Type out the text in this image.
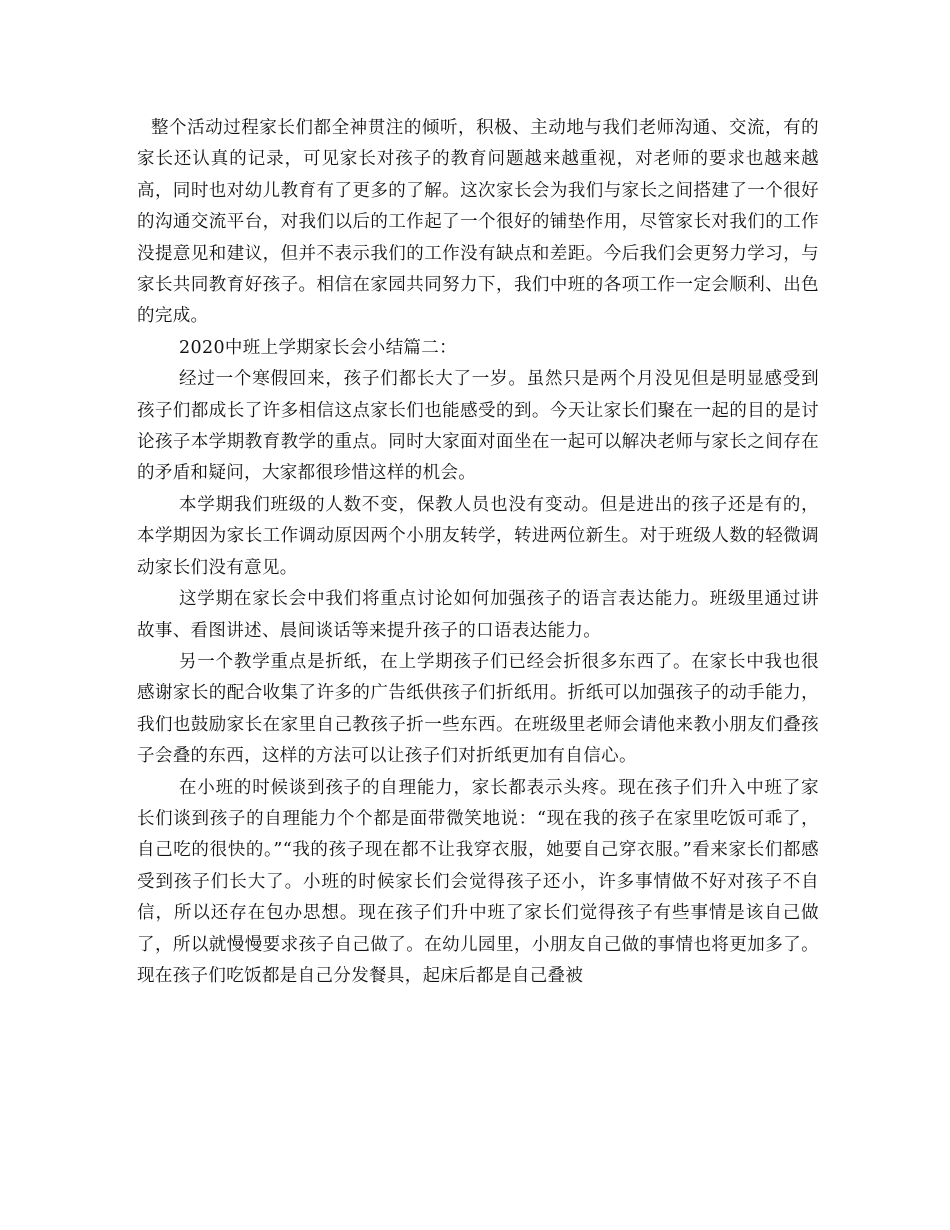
整个活动过程家长们都全神贯注的倾听，积极、主动地与我们老师沟通、交流，有的家长还认真的记录，可见家长对孩子的教育问题越来越重视，对老师的要求也越来越高，同时也对幼儿教育有了更多的了解。这次家长会为我们与家长之间搭建了一个很好的沟通交流平台，对我们以后的工作起了一个很好的铺垫作用，尽管家长对我们的工作没提意见和建议，但并不表示我们的工作没有缺点和差距。今后我们会更努力学习，与家长共同教育好孩子。相信在家园共同努力下，我们中班的各项工作一定会顺利、出色的完成。

2020中班上学期家长会小结篇二：

经过一个寒假回来，孩子们都长大了一岁。虽然只是两个月没见但是明显感受到孩子们都成长了许多相信这点家长们也能感受的到。今天让家长们聚在一起的目的是讨论孩子本学期教育教学的重点。同时大家面对面坐在一起可以解决老师与家长之间存在的矛盾和疑问，大家都很珍惜这样的机会。

本学期我们班级的人数不变，保教人员也没有变动。但是进出的孩子还是有的，本学期因为家长工作调动原因两个小朋友转学，转进两位新生。对于班级人数的轻微调动家长们没有意见。

这学期在家长会中我们将重点讨论如何加强孩子的语言表达能力。班级里通过讲故事、看图讲述、晨间谈话等来提升孩子的口语表达能力。

另一个教学重点是折纸，在上学期孩子们已经会折很多东西了。在家长中我也很感谢家长的配合收集了许多的广告纸供孩子们折纸用。折纸可以加强孩子的动手能力，我们也鼓励家长在家里自己教孩子折一些东西。在班级里老师会请他来教小朋友们叠孩子会叠的东西，这样的方法可以让孩子们对折纸更加有自信心。

在小班的时候谈到孩子的自理能力，家长都表示头疼。现在孩子们升入中班了家长们谈到孩子的自理能力个个都是面带微笑地说：“现在我的孩子在家里吃饭可乖了，自己吃的很快的。”“我的孩子现在都不让我穿衣服，她要自己穿衣服。”看来家长们都感受到孩子们长大了。小班的时候家长们会觉得孩子还小，许多事情做不好对孩子不自信，所以还存在包办思想。现在孩子们升中班了家长们觉得孩子有些事情是该自己做了，所以就慢慢要求孩子自己做了。在幼儿园里，小朋友自己做的事情也将更加多了。现在孩子们吃饭都是自己分发餐具，起床后都是自己叠被
